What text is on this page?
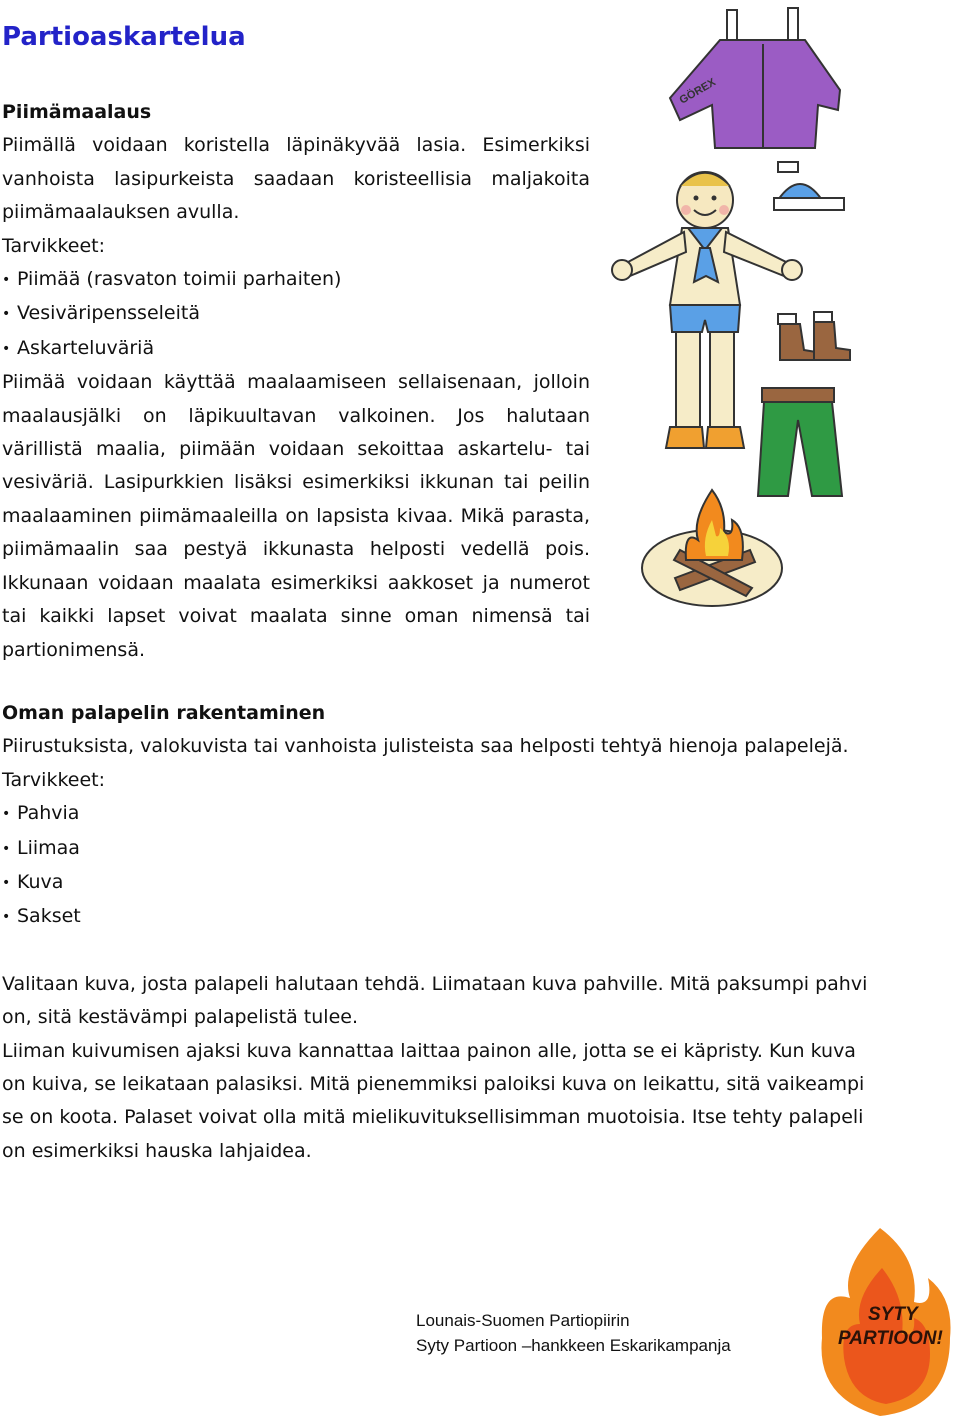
Partioaskartelua

Piimämaalaus

Piimällä voidaan koristella läpinäkyvää lasia. Esimerkiksi vanhoista lasipurkeista saadaan koristeellisia maljakoita piimämaalauksen avulla.

Tarvikkeet:

• Piimää (rasvaton toimii parhaiten)
• Vesiväripensseleitä
• Askarteluväriä

Piimää voidaan käyttää maalaamiseen sellaisenaan, jolloin maalausjälki on läpikuultavan valkoinen. Jos halutaan värillistä maalia, piimään voidaan sekoittaa askartelu- tai vesiväriä. Lasipurkkien lisäksi esimerkiksi ikkunan tai peilin maalaaminen piimämaaleilla on lapsista kivaa. Mikä parasta, piimämaalin saa pestyä ikkunasta helposti vedellä pois. Ikkunaan voidaan maalata esimerkiksi aakkoset ja numerot tai kaikki lapset voivat maalata sinne oman nimensä tai partionimensä.

GÖREX

Oman palapelin rakentaminen

Piirustuksista, valokuvista tai vanhoista julisteista saa helposti tehtyä hienoja palapelejä.

Tarvikkeet:

• Pahvia
• Liimaa
• Kuva
• Sakset

Valitaan kuva, josta palapeli halutaan tehdä. Liimataan kuva pahville. Mitä paksumpi pahvi on, sitä kestävämpi palapelistä tulee.

Liiman kuivumisen ajaksi kuva kannattaa laittaa painon alle, jotta se ei käpristy. Kun kuva on kuiva, se leikataan palasiksi. Mitä pienemmiksi paloiksi kuva on leikattu, sitä vaikeampi se on koota. Palaset voivat olla mitä mielikuvituksellisimman muotoisia. Itse tehty palapeli on esimerkiksi hauska lahjaidea.

Lounais-Suomen Partiopiirin
Syty Partioon –hankkeen Eskarikampanja
SYTY
PARTIOON!
